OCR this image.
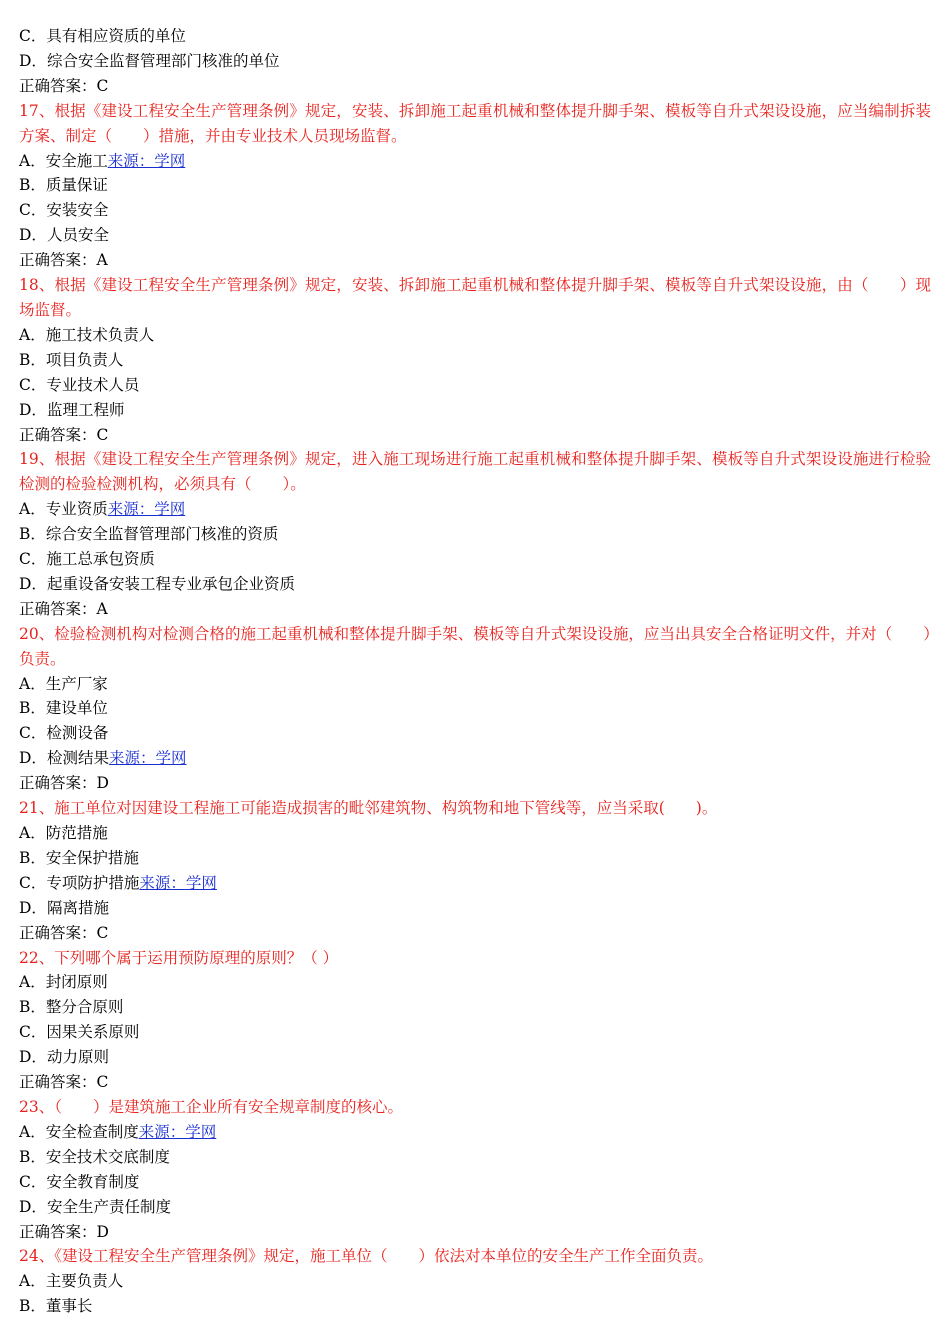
C．具有相应资质的单位
D．综合安全监督管理部门核准的单位
正确答案：C
17、根据《建设工程安全生产管理条例》规定，安装、拆卸施工起重机械和整体提升脚手架、模板等自升式架设设施，应当编制拆装方案、制定（　　）措施，并由专业技术人员现场监督。
A．安全施工来源：学网
B．质量保证
C．安装安全
D．人员安全
正确答案：A
18、根据《建设工程安全生产管理条例》规定，安装、拆卸施工起重机械和整体提升脚手架、模板等自升式架设设施，由（　　）现场监督。
A．施工技术负责人
B．项目负责人
C．专业技术人员
D．监理工程师
正确答案：C
19、根据《建设工程安全生产管理条例》规定，进入施工现场进行施工起重机械和整体提升脚手架、模板等自升式架设设施进行检验检测的检验检测机构，必须具有（　　）。
A．专业资质来源：学网
B．综合安全监督管理部门核准的资质
C．施工总承包资质
D．起重设备安装工程专业承包企业资质
正确答案：A
20、检验检测机构对检测合格的施工起重机械和整体提升脚手架、模板等自升式架设设施，应当出具安全合格证明文件，并对（　　）负责。
A．生产厂家
B．建设单位
C．检测设备
D．检测结果来源：学网
正确答案：D
21、施工单位对因建设工程施工可能造成损害的毗邻建筑物、构筑物和地下管线等，应当采取(　　)。
A．防范措施
B．安全保护措施
C．专项防护措施来源：学网
D．隔离措施
正确答案：C
22、下列哪个属于运用预防原理的原则？（ ）
A．封闭原则
B．整分合原则
C．因果关系原则
D．动力原则
正确答案：C
23、（　　）是建筑施工企业所有安全规章制度的核心。
A．安全检查制度来源：学网
B．安全技术交底制度
C．安全教育制度
D．安全生产责任制度
正确答案：D
24、《建设工程安全生产管理条例》规定，施工单位（　　）依法对本单位的安全生产工作全面负责。
A．主要负责人
B．董事长
